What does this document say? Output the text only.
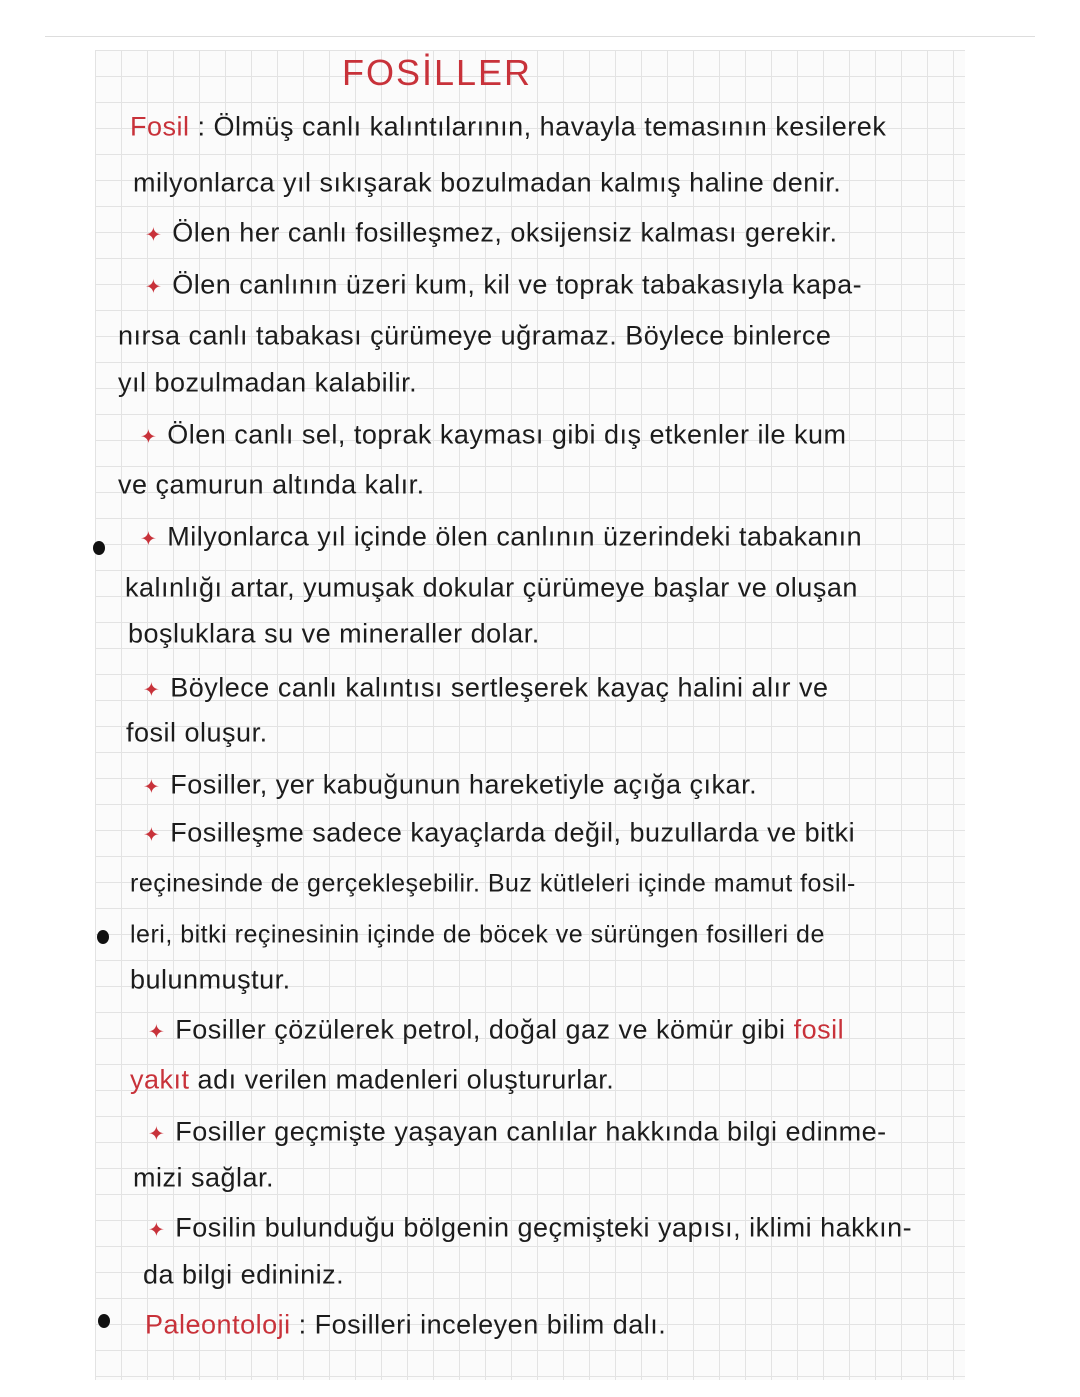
FOSİLLER
Fosil : Ölmüş canlı kalıntılarının, havayla temasının kesilerek
milyonlarca yıl sıkışarak bozulmadan kalmış haline denir.
✦ Ölen her canlı fosilleşmez, oksijensiz kalması gerekir.
✦ Ölen canlının üzeri kum, kil ve toprak tabakasıyla kapa-
nırsa canlı tabakası çürümeye uğramaz. Böylece binlerce
yıl bozulmadan kalabilir.
✦ Ölen canlı sel, toprak kayması gibi dış etkenler ile kum
ve çamurun altında kalır.
✦ Milyonlarca yıl içinde ölen canlının üzerindeki tabakanın
kalınlığı artar, yumuşak dokular çürümeye başlar ve oluşan
boşluklara su ve mineraller dolar.
✦ Böylece canlı kalıntısı sertleşerek kayaç halini alır ve
fosil oluşur.
✦ Fosiller, yer kabuğunun hareketiyle açığa çıkar.
✦ Fosilleşme sadece kayaçlarda değil, buzullarda ve bitki
reçinesinde de gerçekleşebilir. Buz kütleleri içinde mamut fosil-
leri, bitki reçinesinin içinde de böcek ve sürüngen fosilleri de
bulunmuştur.
✦ Fosiller çözülerek petrol, doğal gaz ve kömür gibi fosil
yakıt adı verilen madenleri oluştururlar.
✦ Fosiller geçmişte yaşayan canlılar hakkında bilgi edinme-
mizi sağlar.
✦ Fosilin bulunduğu bölgenin geçmişteki yapısı, iklimi hakkın-
da bilgi edininiz.
Paleontoloji : Fosilleri inceleyen bilim dalı.
